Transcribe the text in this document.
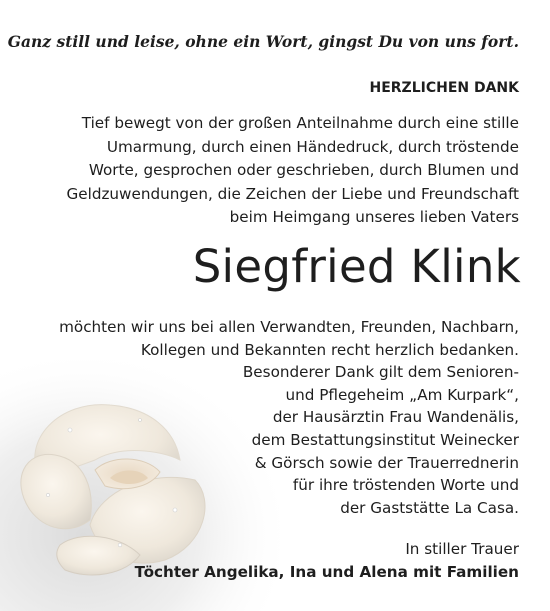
Ganz still und leise, ohne ein Wort, gingst Du von uns fort.
HERZLICHEN DANK
Tief bewegt von der großen Anteilnahme durch eine stille
Umarmung, durch einen Händedruck, durch tröstende
Worte, gesprochen oder geschrieben, durch Blumen und
Geldzuwendungen, die Zeichen der Liebe und Freundschaft
beim Heimgang unseres lieben Vaters
Siegfried Klink
möchten wir uns bei allen Verwandten, Freunden, Nachbarn,
Kollegen und Bekannten recht herzlich bedanken.
Besonderer Dank gilt dem Senioren-
und Pflegeheim „Am Kurpark“,
der Hausärztin Frau Wandenälis,
dem Bestattungsinstitut Weinecker
& Görsch sowie der Trauerrednerin
für ihre tröstenden Worte und
der Gaststätte La Casa.
In stiller Trauer
Töchter Angelika, Ina und Alena mit Familien
